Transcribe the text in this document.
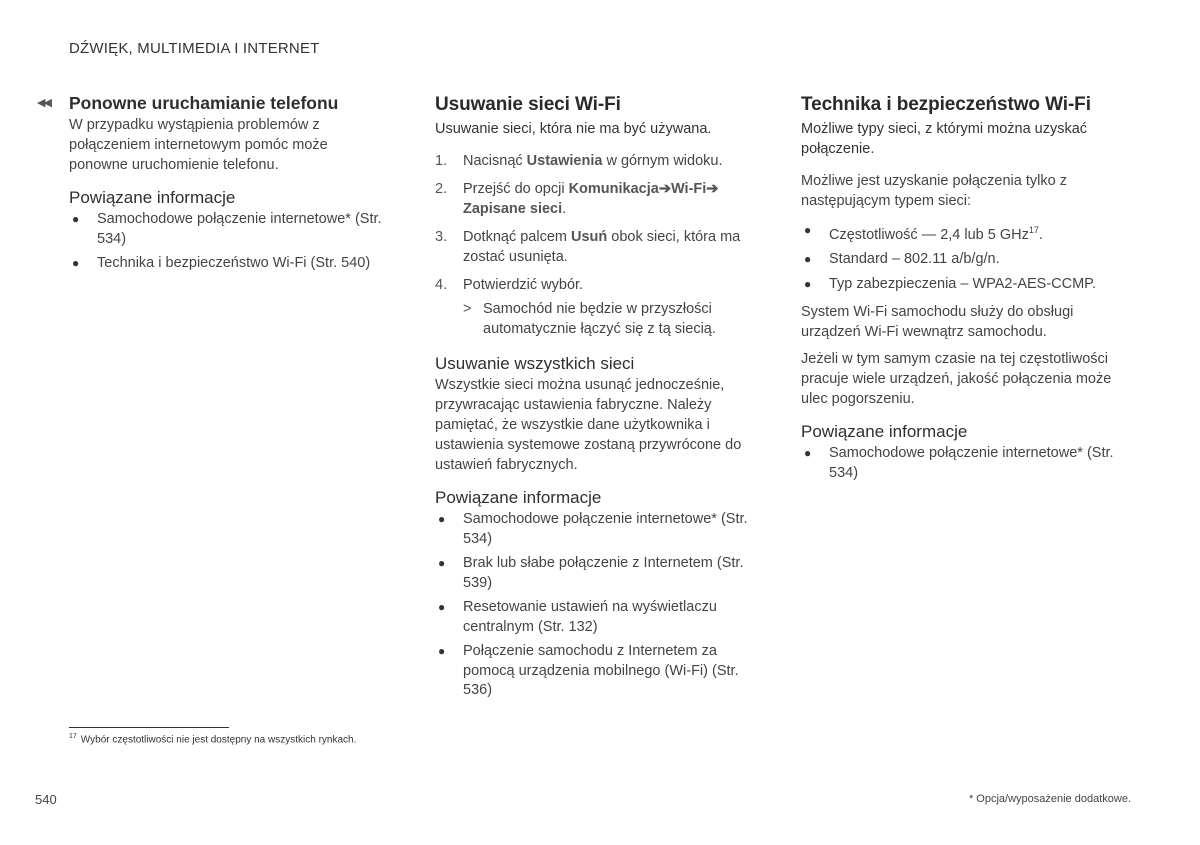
DŹWIĘK, MULTIMEDIA I INTERNET
◀◀ Ponowne uruchamianie telefonu
W przypadku wystąpienia problemów z połączeniem internetowym pomóc może ponowne uruchomienie telefonu.
Powiązane informacje
● Samochodowe połączenie internetowe* (Str. 534)
● Technika i bezpieczeństwo Wi-Fi (Str. 540)
Usuwanie sieci Wi-Fi
Usuwanie sieci, która nie ma być używana.
1. Nacisnąć Ustawienia w górnym widoku.
2. Przejść do opcji Komunikacja➔Wi-Fi➔
Zapisane sieci.
3. Dotknąć palcem Usuń obok sieci, która ma zostać usunięta.
4. Potwierdzić wybór.
> Samochód nie będzie w przyszłości automatycznie łączyć się z tą siecią.
Usuwanie wszystkich sieci
Wszystkie sieci można usunąć jednocześnie, przywracając ustawienia fabryczne. Należy pamiętać, że wszystkie dane użytkownika i ustawienia systemowe zostaną przywrócone do ustawień fabrycznych.
Powiązane informacje
● Samochodowe połączenie internetowe* (Str. 534)
● Brak lub słabe połączenie z Internetem (Str. 539)
● Resetowanie ustawień na wyświetlaczu centralnym (Str. 132)
● Połączenie samochodu z Internetem za pomocą urządzenia mobilnego (Wi-Fi) (Str. 536)
Technika i bezpieczeństwo Wi-Fi
Możliwe typy sieci, z którymi można uzyskać połączenie.
Możliwe jest uzyskanie połączenia tylko z następującym typem sieci:
● Częstotliwość — 2,4 lub 5 GHz$^{17}$.
● Standard – 802.11 a/b/g/n.
● Typ zabezpieczenia – WPA2-AES-CCMP.
System Wi-Fi samochodu służy do obsługi urządzeń Wi-Fi wewnątrz samochodu.
Jeżeli w tym samym czasie na tej częstotliwości pracuje wiele urządzeń, jakość połączenia może ulec pogorszeniu.
Powiązane informacje
● Samochodowe połączenie internetowe* (Str. 534)
$^{17}$ Wybór częstotliwości nie jest dostępny na wszystkich rynkach.
540	* Opcja/wyposażenie dodatkowe.
